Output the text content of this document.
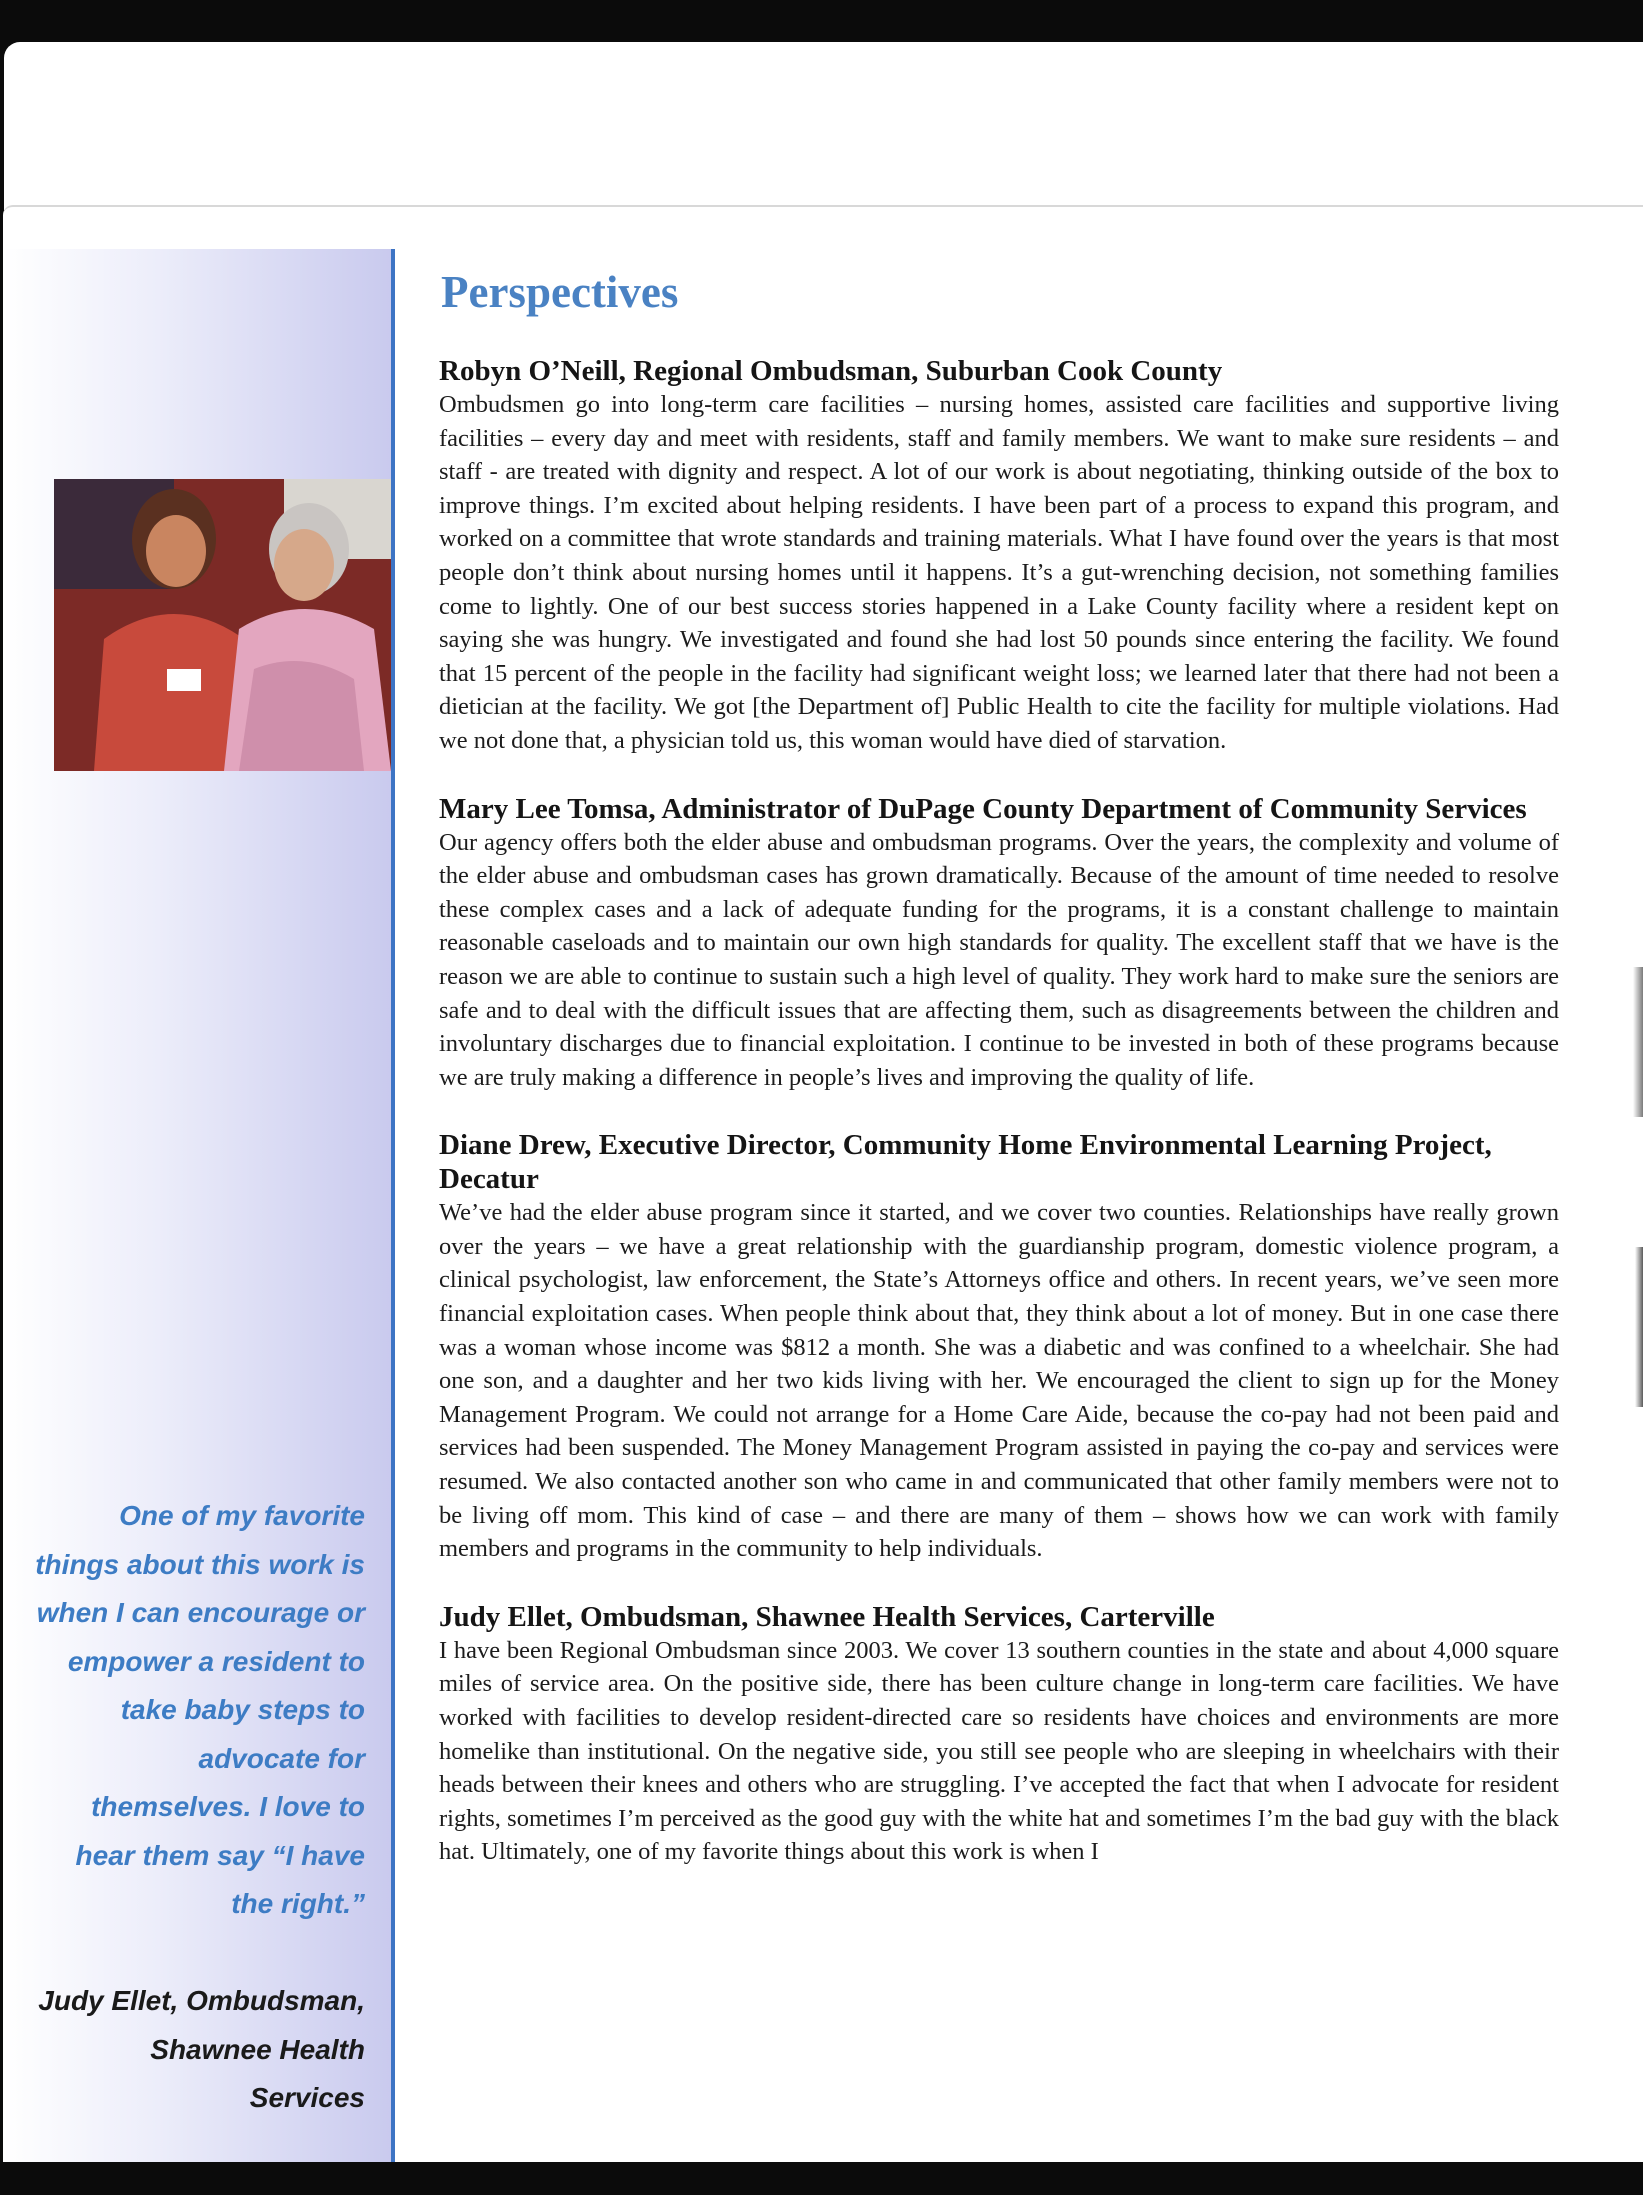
One of my favorite things about this work is when I can encourage or empower a resident to take baby steps to advocate for themselves. I love to hear them say “I have the right.”
Judy Ellet, Ombudsman, Shawnee Health Services
Perspectives
Robyn O’Neill, Regional Ombudsman, Suburban Cook County

Ombudsmen go into long-term care facilities – nursing homes, assisted care facilities and supportive living facilities – every day and meet with residents, staff and family members. We want to make sure residents – and staff - are treated with dignity and respect. A lot of our work is about negotiating, thinking outside of the box to improve things. I’m excited about helping residents. I have been part of a process to expand this program, and worked on a committee that wrote standards and training materials. What I have found over the years is that most people don’t think about nursing homes until it happens. It’s a gut-wrenching decision, not something families come to lightly. One of our best success stories happened in a Lake County facility where a resident kept on saying she was hungry. We investigated and found she had lost 50 pounds since entering the facility. We found that 15 percent of the people in the facility had significant weight loss; we learned later that there had not been a dietician at the facility. We got [the Department of] Public Health to cite the facility for multiple violations. Had we not done that, a physician told us, this woman would have died of starvation.

Mary Lee Tomsa, Administrator of DuPage County Department of Community Services

Our agency offers both the elder abuse and ombudsman programs. Over the years, the complexity and volume of the elder abuse and ombudsman cases has grown dramatically. Because of the amount of time needed to resolve these complex cases and a lack of adequate funding for the programs, it is a constant challenge to maintain reasonable caseloads and to maintain our own high standards for quality. The excellent staff that we have is the reason we are able to continue to sustain such a high level of quality. They work hard to make sure the seniors are safe and to deal with the difficult issues that are affecting them, such as disagreements between the children and involuntary discharges due to financial exploitation. I continue to be invested in both of these programs because we are truly making a difference in people’s lives and improving the quality of life.

Diane Drew, Executive Director, Community Home Environmental Learning Project, Decatur

We’ve had the elder abuse program since it started, and we cover two counties. Relationships have really grown over the years – we have a great relationship with the guardianship program, domestic violence program, a clinical psychologist, law enforcement, the State’s Attorneys office and others. In recent years, we’ve seen more financial exploitation cases. When people think about that, they think about a lot of money. But in one case there was a woman whose income was $812 a month. She was a diabetic and was confined to a wheelchair. She had one son, and a daughter and her two kids living with her. We encouraged the client to sign up for the Money Management Program. We could not arrange for a Home Care Aide, because the co-pay had not been paid and services had been suspended. The Money Management Program assisted in paying the co-pay and services were resumed. We also contacted another son who came in and communicated that other family members were not to be living off mom. This kind of case – and there are many of them – shows how we can work with family members and programs in the community to help individuals.

Judy Ellet, Ombudsman, Shawnee Health Services, Carterville

I have been Regional Ombudsman since 2003. We cover 13 southern counties in the state and about 4,000 square miles of service area. On the positive side, there has been culture change in long-term care facilities. We have worked with facilities to develop resident-directed care so residents have choices and environments are more homelike than institutional. On the negative side, you still see people who are sleeping in wheelchairs with their heads between their knees and others who are struggling. I’ve accepted the fact that when I advocate for resident rights, sometimes I’m perceived as the good guy with the white hat and sometimes I’m the bad guy with the black hat. Ultimately, one of my favorite things about this work is when I
